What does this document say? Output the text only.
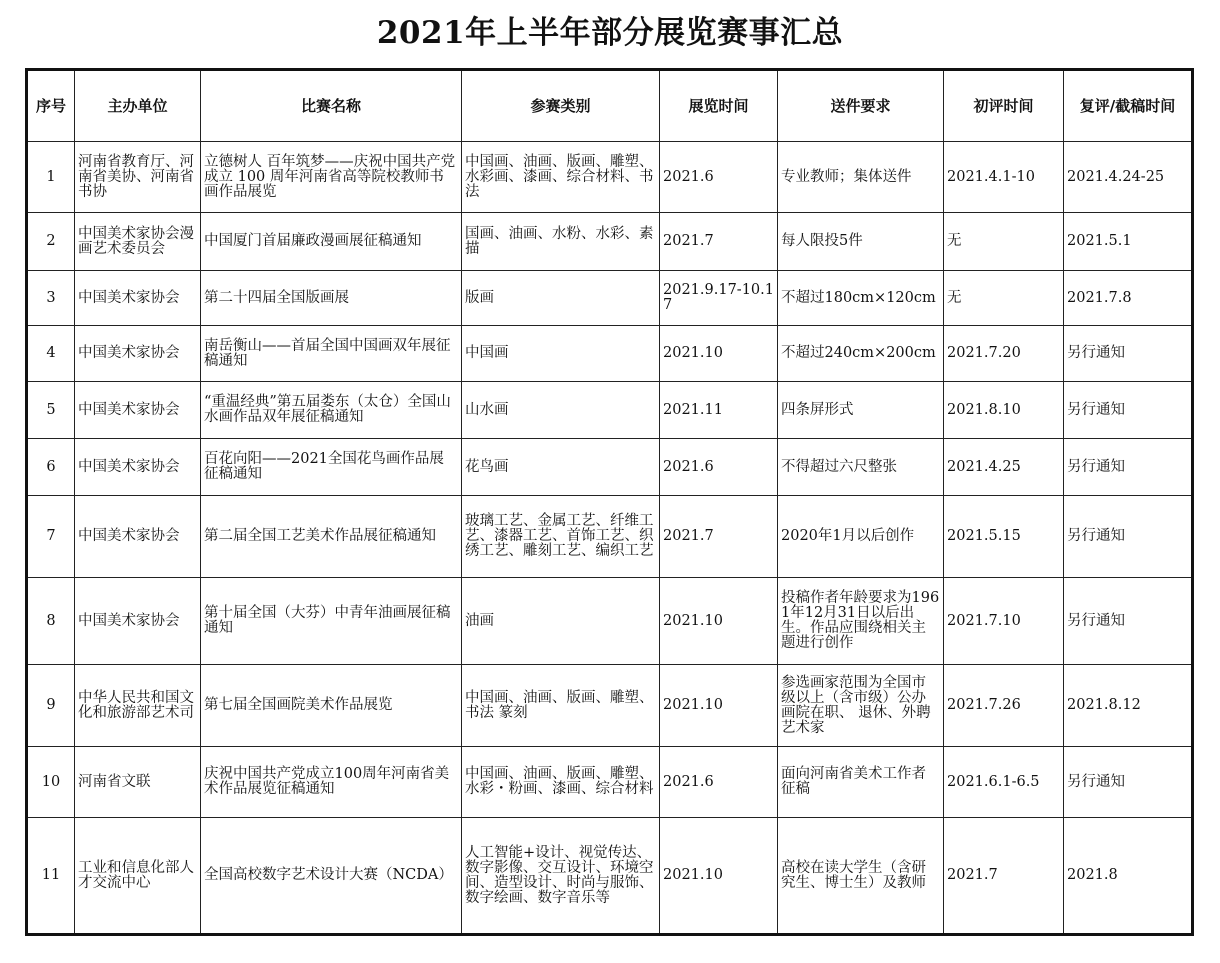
2021年上半年部分展览赛事汇总
序号	主办单位	比赛名称	参赛类别	展览时间	送件要求	初评时间	复评/截稿时间
1	河南省教育厅、河南省美协、河南省书协	立德树人 百年筑梦——庆祝中国共产党成立 100 周年河南省高等院校教师书画作品展览	中国画、油画、版画、雕塑、水彩画、漆画、综合材料、书法	2021.6	专业教师；集体送件	2021.4.1-10	2021.4.24-25
2	中国美术家协会漫画艺术委员会	中国厦门首届廉政漫画展征稿通知	国画、油画、水粉、水彩、素描	2021.7	每人限投5件	无	2021.5.1
3	中国美术家协会	第二十四届全国版画展	版画	2021.9.17-10.17	不超过180cm×120cm	无	2021.7.8
4	中国美术家协会	南岳衡山——首届全国中国画双年展征稿通知	中国画	2021.10	不超过240cm×200cm	2021.7.20	另行通知
5	中国美术家协会	“重温经典”第五届娄东（太仓）全国山水画作品双年展征稿通知	山水画	2021.11	四条屏形式	2021.8.10	另行通知
6	中国美术家协会	百花向阳——2021全国花鸟画作品展征稿通知	花鸟画	2021.6	不得超过六尺整张	2021.4.25	另行通知
7	中国美术家协会	第二届全国工艺美术作品展征稿通知	玻璃工艺、金属工艺、纤维工艺、漆器工艺、首饰工艺、织绣工艺、雕刻工艺、编织工艺	2021.7	2020年1月以后创作	2021.5.15	另行通知
8	中国美术家协会	第十届全国（大芬）中青年油画展征稿通知	油画	2021.10	投稿作者年龄要求为1961年12月31日以后出生。作品应围绕相关主题进行创作	2021.7.10	另行通知
9	中华人民共和国文化和旅游部艺术司	第七届全国画院美术作品展览	中国画、油画、版画、雕塑、书法 篆刻	2021.10	参选画家范围为全国市级以上（含市级）公办画院在职、 退休、外聘艺术家	2021.7.26	2021.8.12
10	河南省文联	庆祝中国共产党成立100周年河南省美术作品展览征稿通知	中国画、油画、版画、雕塑、水彩・粉画、漆画、综合材料	2021.6	面向河南省美术工作者征稿	2021.6.1-6.5	另行通知
11	工业和信息化部人才交流中心	全国高校数字艺术设计大赛（NCDA）	人工智能+设计、视觉传达、数字影像、交互设计、环境空间、造型设计、时尚与服饰、数字绘画、数字音乐等	2021.10	高校在读大学生（含研究生、博士生）及教师	2021.7	2021.8
